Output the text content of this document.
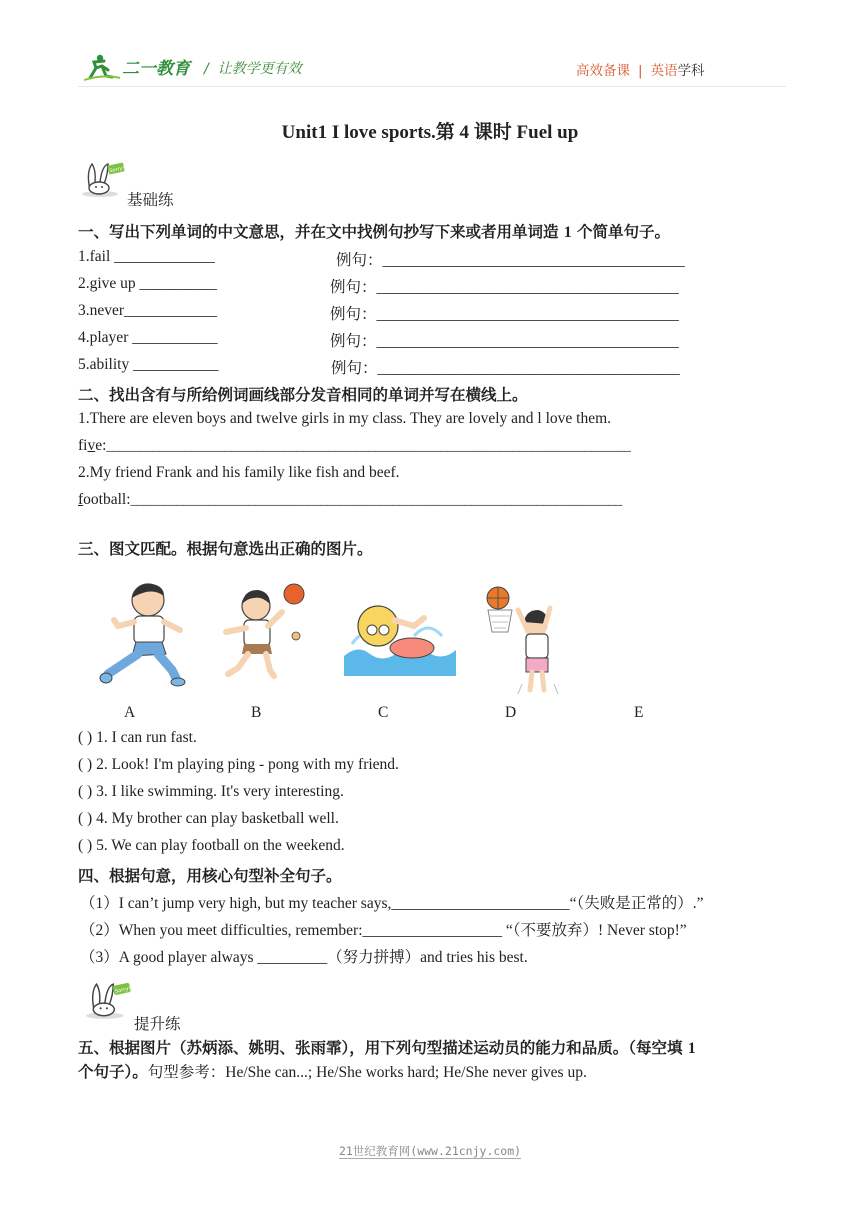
二一教育 /  让教学更有效	高效备课 | 英语学科
Unit1 I love sports.第 4 课时 Fuel up
Sorry!
基础练
一、写出下列单词的中文意思，并在文中找例句抄写下来或者用单词造 1 个简单句子。
1.fail _____________	例句：_______________________________________
2.give up __________	例句：_______________________________________
3.never____________	例句：_______________________________________
4.player ___________	例句：_______________________________________
5.ability ___________	例句：_______________________________________
二、找出含有与所给例词画线部分发音相同的单词并写在横线上。
1.There are eleven boys and twelve girls in my class. They are lovely and l love them.
five:________________________________________________________________________________
2.My friend Frank and his family like fish and beef.
football:___________________________________________________________________________
三、图文匹配。根据句意选出正确的图片。
A	B	C	D	E
( ) 1. I can run fast.
( ) 2. Look! I'm playing ping - pong with my friend.
( ) 3. I like swimming. It's very interesting.
( ) 4. My brother can play basketball well.
( ) 5. We can play football on the weekend.
四、根据句意，用核心句型补全句子。
（1）I can’t jump very high, but my teacher says,_______________________“（失败是正常的）.”
（2）When you meet difficulties, remember:__________________ “（不要放弃）! Never stop!”
（3）A good player always _________（努力拼搏）and tries his best.
Sorry!
提升练
五、根据图片（苏炳添、姚明、张雨霏），用下列句型描述运动员的能力和品质。（每空填 1
个句子）。句型参考：He/She can...; He/She works hard; He/She never gives up.
21世纪教育网(www.21cnjy.com)
